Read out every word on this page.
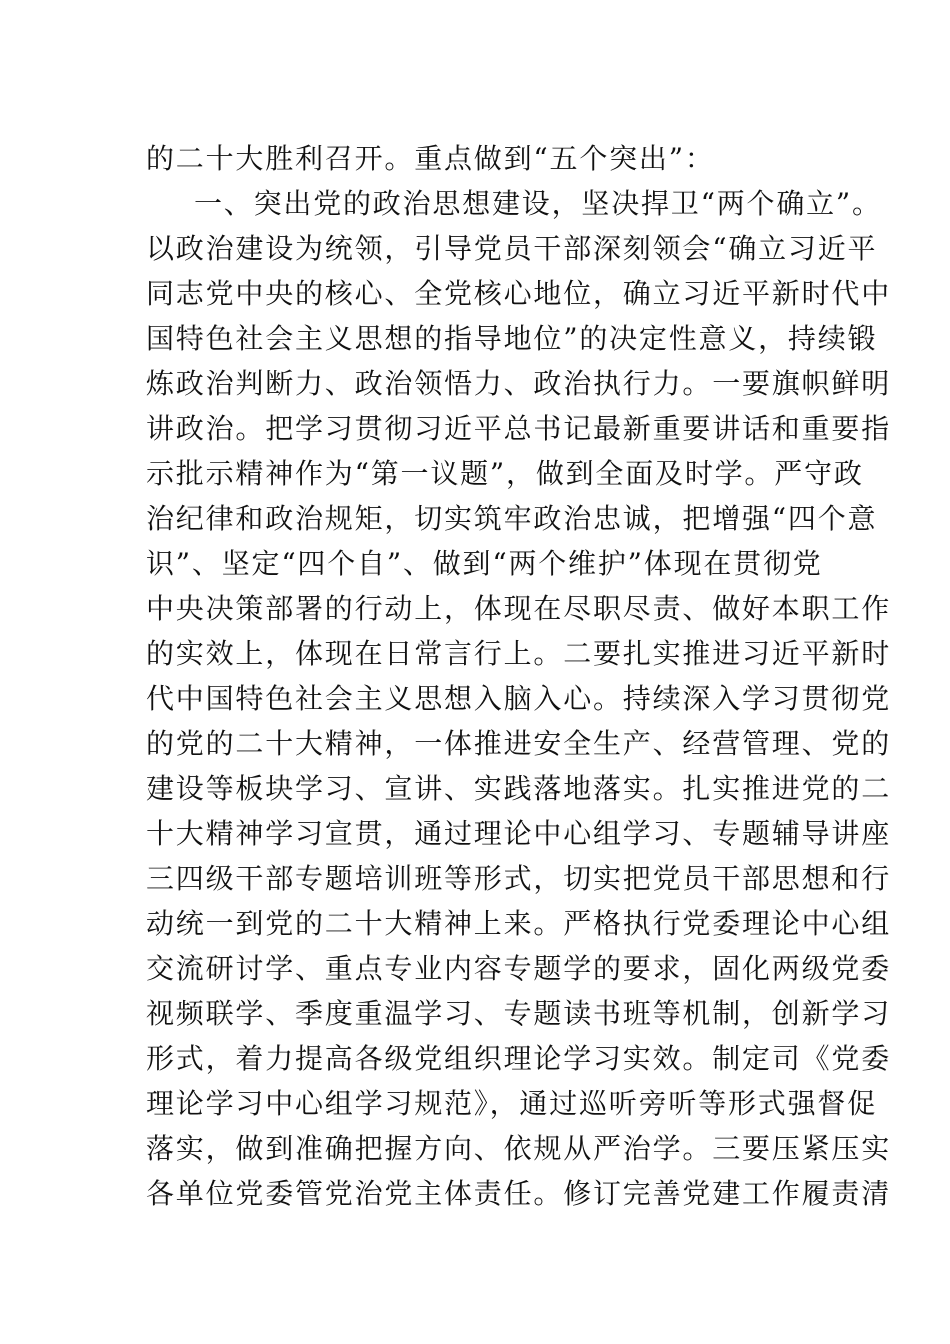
的二十大胜利召开。重点做到“五个突出”：
一、突出党的政治思想建设，坚决捍卫“两个确立”。
以政治建设为统领，引导党员干部深刻领会“确立习近平
同志党中央的核心、全党核心地位，确立习近平新时代中
国特色社会主义思想的指导地位”的决定性意义，持续锻
炼政治判断力、政治领悟力、政治执行力。一要旗帜鲜明
讲政治。把学习贯彻习近平总书记最新重要讲话和重要指
示批示精神作为“第一议题”，做到全面及时学。严守政
治纪律和政治规矩，切实筑牢政治忠诚，把增强“四个意
识”、坚定“四个自”、做到“两个维护”体现在贯彻党
中央决策部署的行动上，体现在尽职尽责、做好本职工作
的实效上，体现在日常言行上。二要扎实推进习近平新时
代中国特色社会主义思想入脑入心。持续深入学习贯彻党
的党的二十大精神，一体推进安全生产、经营管理、党的
建设等板块学习、宣讲、实践落地落实。扎实推进党的二
十大精神学习宣贯，通过理论中心组学习、专题辅导讲座
三四级干部专题培训班等形式，切实把党员干部思想和行
动统一到党的二十大精神上来。严格执行党委理论中心组
交流研讨学、重点专业内容专题学的要求，固化两级党委
视频联学、季度重温学习、专题读书班等机制，创新学习
形式，着力提高各级党组织理论学习实效。制定司《党委
理论学习中心组学习规范》，通过巡听旁听等形式强督促
落实，做到准确把握方向、依规从严治学。三要压紧压实
各单位党委管党治党主体责任。修订完善党建工作履责清
